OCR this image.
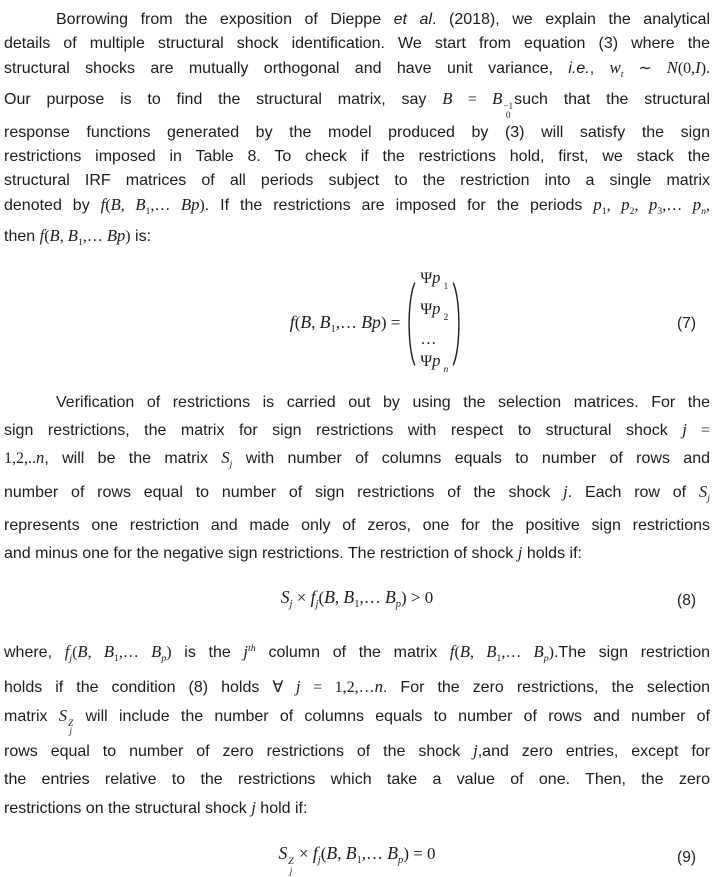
Borrowing from the exposition of Dieppe et al. (2018), we explain the analytical
details of multiple structural shock identification. We start from equation (3) where the
structural shocks are mutually orthogonal and have unit variance, i.e., $w_t$ ∼ N(0,I).
Our purpose is to find the structural matrix, say B = B −1
0
such that the structural
response functions generated by the model produced by (3) will satisfy the sign
restrictions imposed in Table 8. To check if the restrictions hold, first, we stack the
structural IRF matrices of all periods subject to the restriction into a single matrix
denoted by f(B, $B_1,\dots$ Bp). If the restrictions are imposed for the periods $p_1$, $p_2$, $p_3,\dots$ $p_n$,
then f(B, $B_1,\dots$ Bp) is:
f(B, $B_1,\dots$ Bp) =
Ψp $_1$
Ψp $_2$
…
Ψp $_n$
(7)
Verification of restrictions is carried out by using the selection matrices. For the
sign restrictions, the matrix for sign restrictions with respect to structural shock j =
1,2,..n, will be the matrix $S_j$ with number of columns equals to number of rows and
number of rows equal to number of sign restrictions of the shock j. Each row of $S_j$
represents one restriction and made only of zeros, one for the positive sign restrictions
and minus one for the negative sign restrictions. The restriction of shock j holds if:
$S_j \times f_j(B$, $B_1,\dots$ $B_p) > 0$	(8)
where, $f_j(B$, $B_1,\dots$ $B_p$) is the $j^{th}$ column of the matrix f(B, $B_1,\dots$ $B_p).The$ sign restriction
holds if the condition (8) holds ∀ j = 1,2,…n. For the zero restrictions, the selection
matrix S Z
j
will include the number of columns equals to number of rows and number of
rows equal to number of zero restrictions of the shock j,and zero entries, except for
the entries relative to the restrictions which take a value of one. Then, the zero
restrictions on the structural shock j hold if:
S Z
j
× $f_j(B$, $B_1,\dots$ $B_p) = 0$	(9)
